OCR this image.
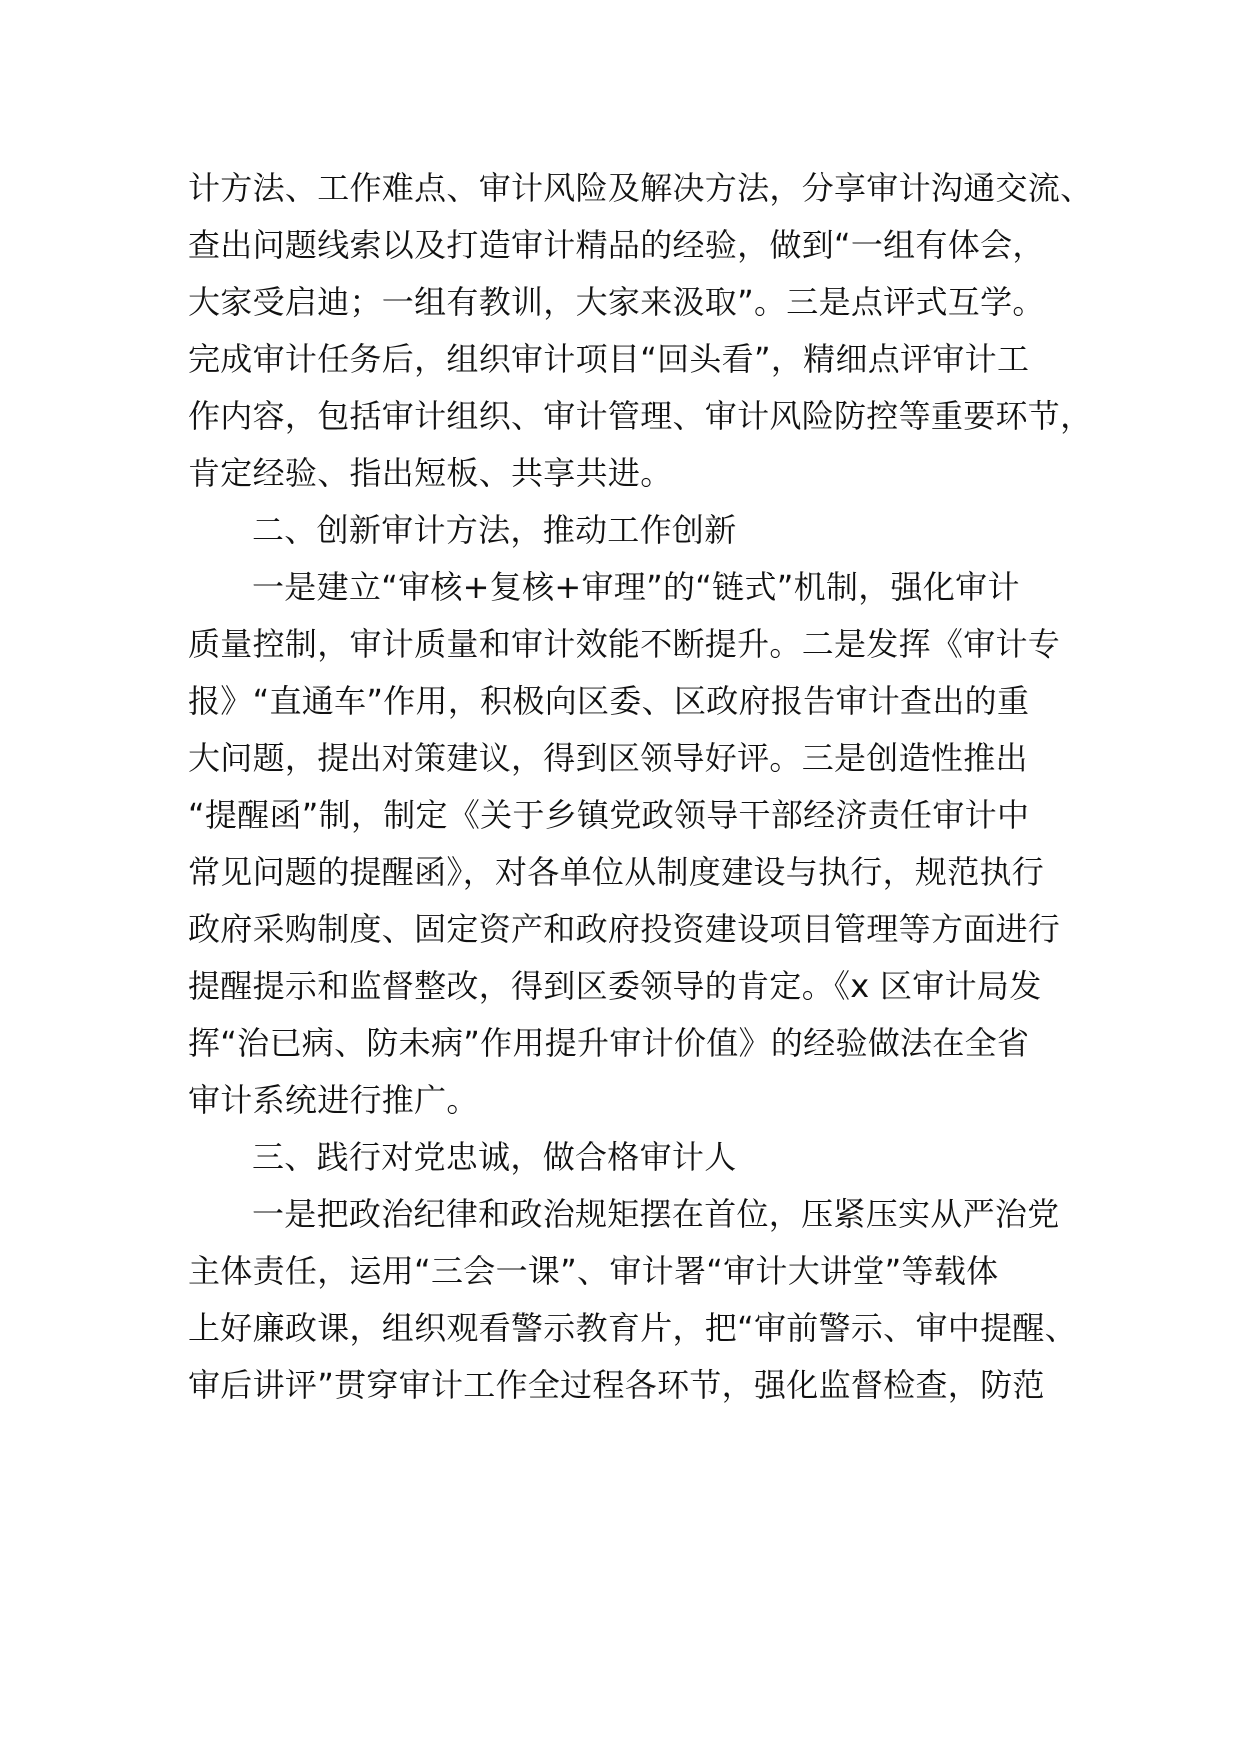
计方法、工作难点、审计风险及解决方法，分享审计沟通交流、
查出问题线索以及打造审计精品的经验，做到“一组有体会，
大家受启迪；一组有教训，大家来汲取”。三是点评式互学。
完成审计任务后，组织审计项目“回头看”，精细点评审计工
作内容，包括审计组织、审计管理、审计风险防控等重要环节，
肯定经验、指出短板、共享共进。
二、创新审计方法，推动工作创新
一是建立“审核+复核+审理”的“链式”机制，强化审计
质量控制，审计质量和审计效能不断提升。二是发挥《审计专
报》“直通车”作用，积极向区委、区政府报告审计查出的重
大问题，提出对策建议，得到区领导好评。三是创造性推出
“提醒函”制，制定《关于乡镇党政领导干部经济责任审计中
常见问题的提醒函》，对各单位从制度建设与执行，规范执行
政府采购制度、固定资产和政府投资建设项目管理等方面进行
提醒提示和监督整改，得到区委领导的肯定。《x 区审计局发
挥“治已病、防未病”作用提升审计价值》的经验做法在全省
审计系统进行推广。
三、践行对党忠诚，做合格审计人
一是把政治纪律和政治规矩摆在首位，压紧压实从严治党
主体责任，运用“三会一课”、审计署“审计大讲堂”等载体
上好廉政课，组织观看警示教育片，把“审前警示、审中提醒、
审后讲评”贯穿审计工作全过程各环节，强化监督检查，防范
